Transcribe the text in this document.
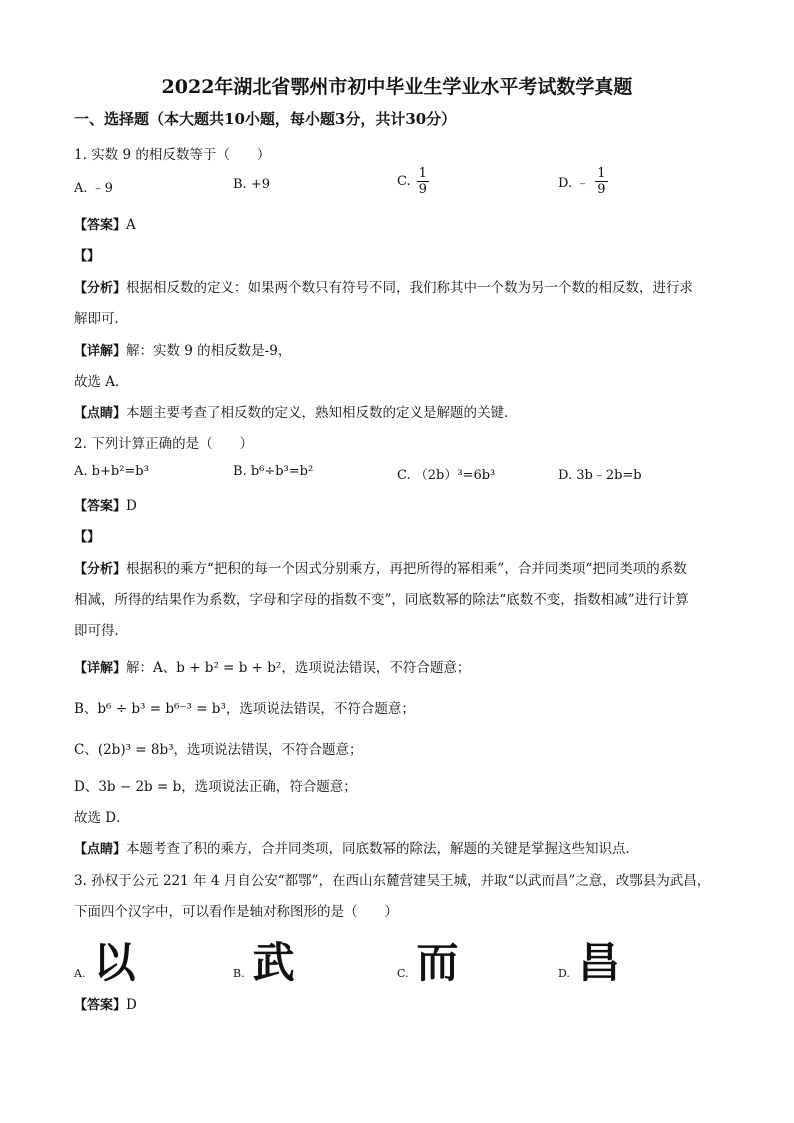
2022年湖北省鄂州市初中毕业生学业水平考试数学真题
一、选择题（本大题共10小题，每小题3分，共计30分）
1. 实数 9 的相反数等于（　　）
A. ﹣9	B. +9	C. $\frac{1}{9}$	D. ﹣ $\frac{1}{9}$
【答案】A
【】
【分析】根据相反数的定义：如果两个数只有符号不同，我们称其中一个数为另一个数的相反数，进行求
解即可．
【详解】解：实数 9 的相反数是-9，
故选 A．
【点睛】本题主要考查了相反数的定义，熟知相反数的定义是解题的关键．
2. 下列计算正确的是（　　）
A. b+b²=b³	B. b⁶÷b³=b²	C. （2b）³=6b³	D. 3b﹣2b=b
【答案】D
【】
【分析】根据积的乘方“把积的每一个因式分别乘方，再把所得的幂相乘”，合并同类项“把同类项的系数
相减，所得的结果作为系数，字母和字母的指数不变”，同底数幂的除法“底数不变，指数相减”进行计算
即可得．
【详解】解：A、b + b² = b + b²，选项说法错误，不符合题意；
B、b⁶ ÷ b³ = b⁶⁻³ = b³，选项说法错误，不符合题意；
C、(2b)³ = 8b³，选项说法错误，不符合题意；
D、3b − 2b = b，选项说法正确，符合题意；
故选 D．
【点睛】本题考查了积的乘方，合并同类项，同底数幂的除法，解题的关键是掌握这些知识点．
3. 孙权于公元 221 年 4 月自公安“都鄂”，在西山东麓营建吴王城，并取“以武而昌”之意，改鄂县为武昌，
下面四个汉字中，可以看作是轴对称图形的是（　　）
A. 以	B. 武	C. 而	D. 昌
【答案】D
